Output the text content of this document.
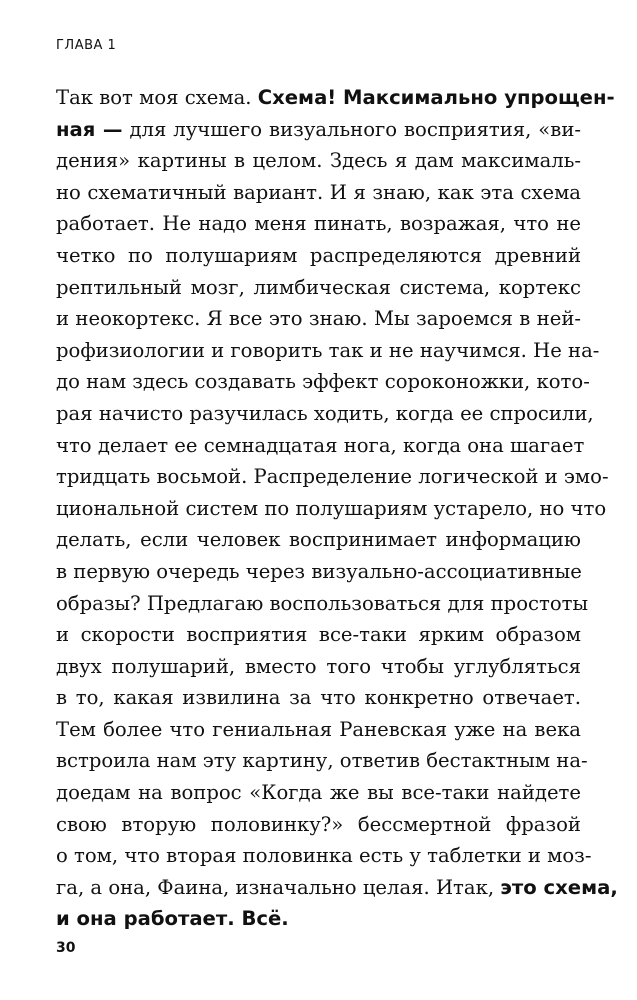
ГЛАВА 1
Так вот моя схема. Схема! Максимально упрощен-
ная — для лучшего визуального восприятия, «ви-
дения» картины в целом. Здесь я дам максималь-
но схематичный вариант. И я знаю, как эта схема
работает. Не надо меня пинать, возражая, что не
четко по полушариям распределяются древний
рептильный мозг, лимбическая система, кортекс
и неокортекс. Я все это знаю. Мы зароемся в ней-
рофизиологии и говорить так и не научимся. Не на-
до нам здесь создавать эффект сороконожки, кото-
рая начисто разучилась ходить, когда ее спросили,
что делает ее семнадцатая нога, когда она шагает
тридцать восьмой. Распределение логической и эмо-
циональной систем по полушариям устарело, но что
делать, если человек воспринимает информацию
в первую очередь через визуально-ассоциативные
образы? Предлагаю воспользоваться для простоты
и скорости восприятия все-таки ярким образом
двух полушарий, вместо того чтобы углубляться
в то, какая извилина за что конкретно отвечает.
Тем более что гениальная Раневская уже на века
встроила нам эту картину, ответив бестактным на-
доедам на вопрос «Когда же вы все-таки найдете
свою вторую половинку?» бессмертной фразой
о том, что вторая половинка есть у таблетки и моз-
га, а она, Фаина, изначально целая. Итак, это схема,
и она работает. Всё.
30
